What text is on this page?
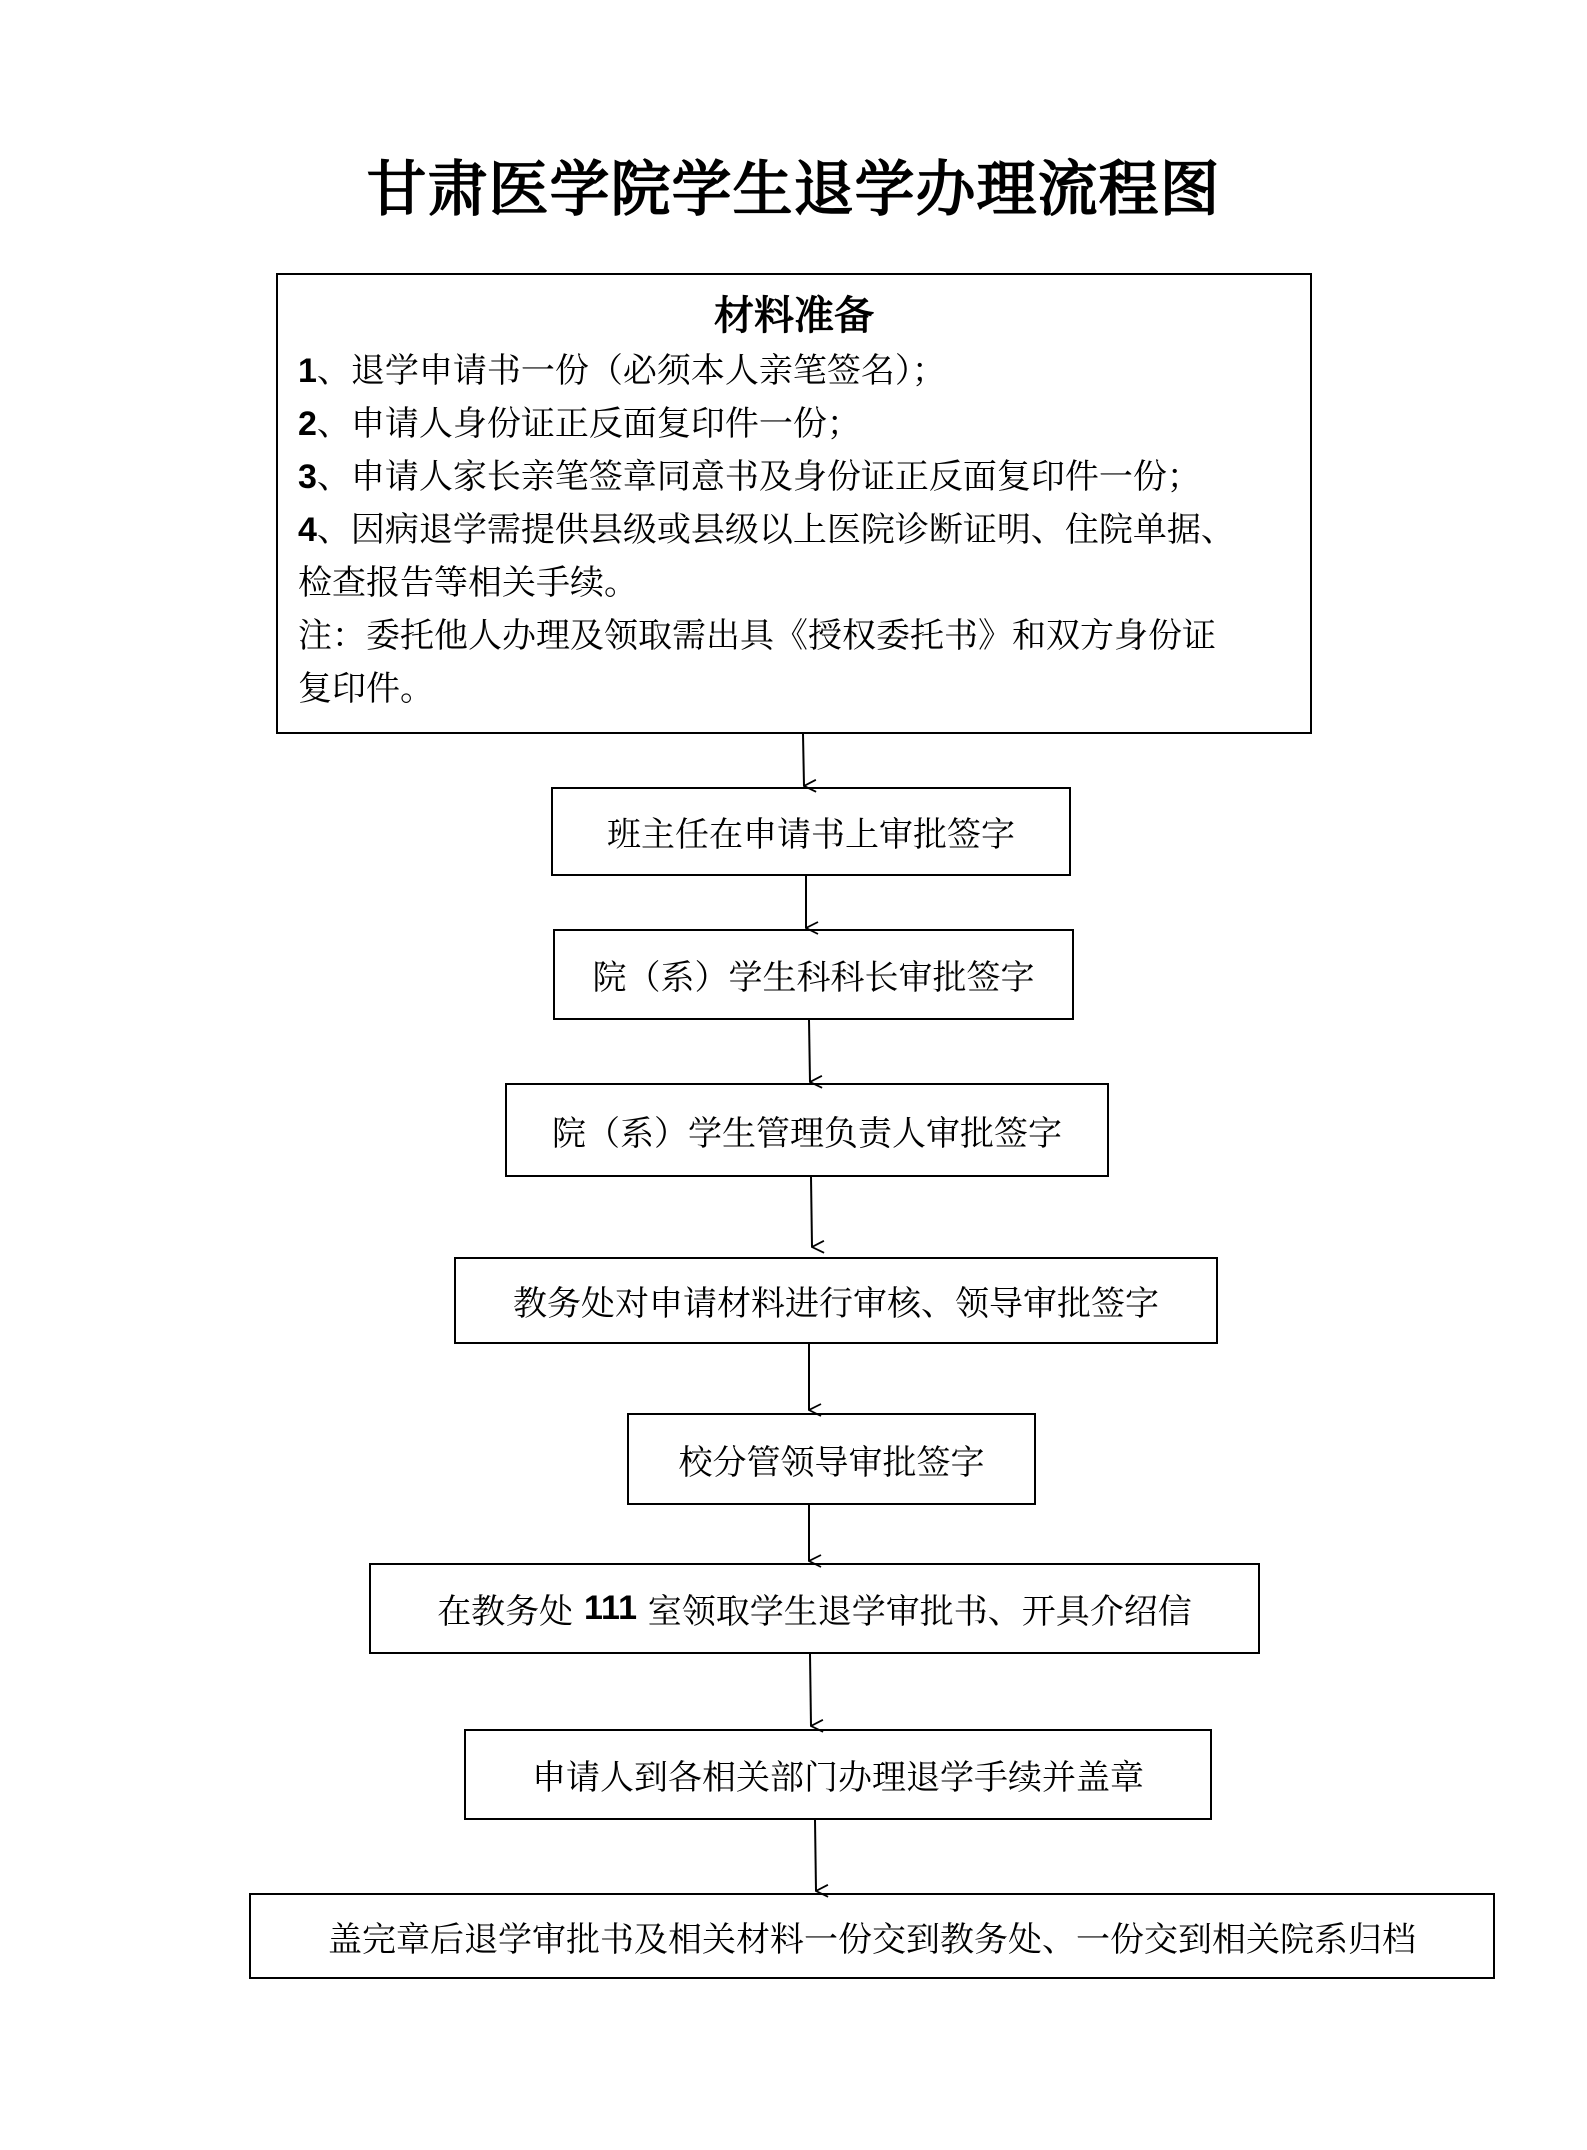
甘肃医学院学生退学办理流程图
材料准备
1、退学申请书一份（必须本人亲笔签名）；
2、申请人身份证正反面复印件一份；
3、申请人家长亲笔签章同意书及身份证正反面复印件一份；
4、因病退学需提供县级或县级以上医院诊断证明、住院单据、
检查报告等相关手续。
注：委托他人办理及领取需出具《授权委托书》和双方身份证
复印件。
班主任在申请书上审批签字
院（系）学生科科长审批签字
院（系）学生管理负责人审批签字
教务处对申请材料进行审核、领导审批签字
校分管领导审批签字
在教务处 111 室领取学生退学审批书、开具介绍信
申请人到各相关部门办理退学手续并盖章
盖完章后退学审批书及相关材料一份交到教务处、一份交到相关院系归档
